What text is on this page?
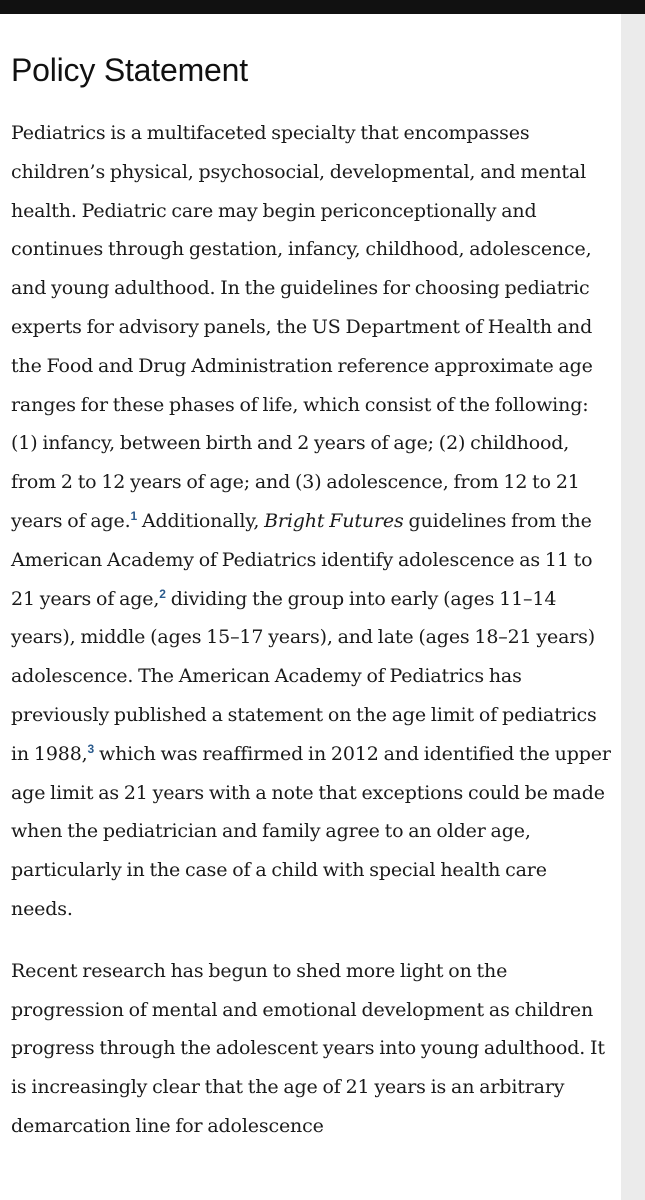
Policy Statement

Pediatrics is a multifaceted specialty that encompasses children’s physical, psychosocial, developmental, and mental health. Pediatric care may begin periconceptionally and continues through gestation, infancy, childhood, adolescence, and young adulthood. In the guidelines for choosing pediatric experts for advisory panels, the US Department of Health and the Food and Drug Administration reference approximate age ranges for these phases of life, which consist of the following: (1) infancy, between birth and 2 years of age; (2) childhood, from 2 to 12 years of age; and (3) adolescence, from 12 to 21 years of age.$^1$ Additionally, Bright Futures guidelines from the American Academy of Pediatrics identify adolescence as 11 to 21 years of age,$^2$ dividing the group into early (ages 11–14 years), middle (ages 15–17 years), and late (ages 18–21 years) adolescence. The American Academy of Pediatrics has previously published a statement on the age limit of pediatrics in 1988,$^3$ which was reaffirmed in 2012 and identified the upper age limit as 21 years with a note that exceptions could be made when the pediatrician and family agree to an older age, particularly in the case of a child with special health care needs.

Recent research has begun to shed more light on the progression of mental and emotional development as children progress through the adolescent years into young adulthood. It is increasingly clear that the age of 21 years is an arbitrary demarcation line for adolescence
